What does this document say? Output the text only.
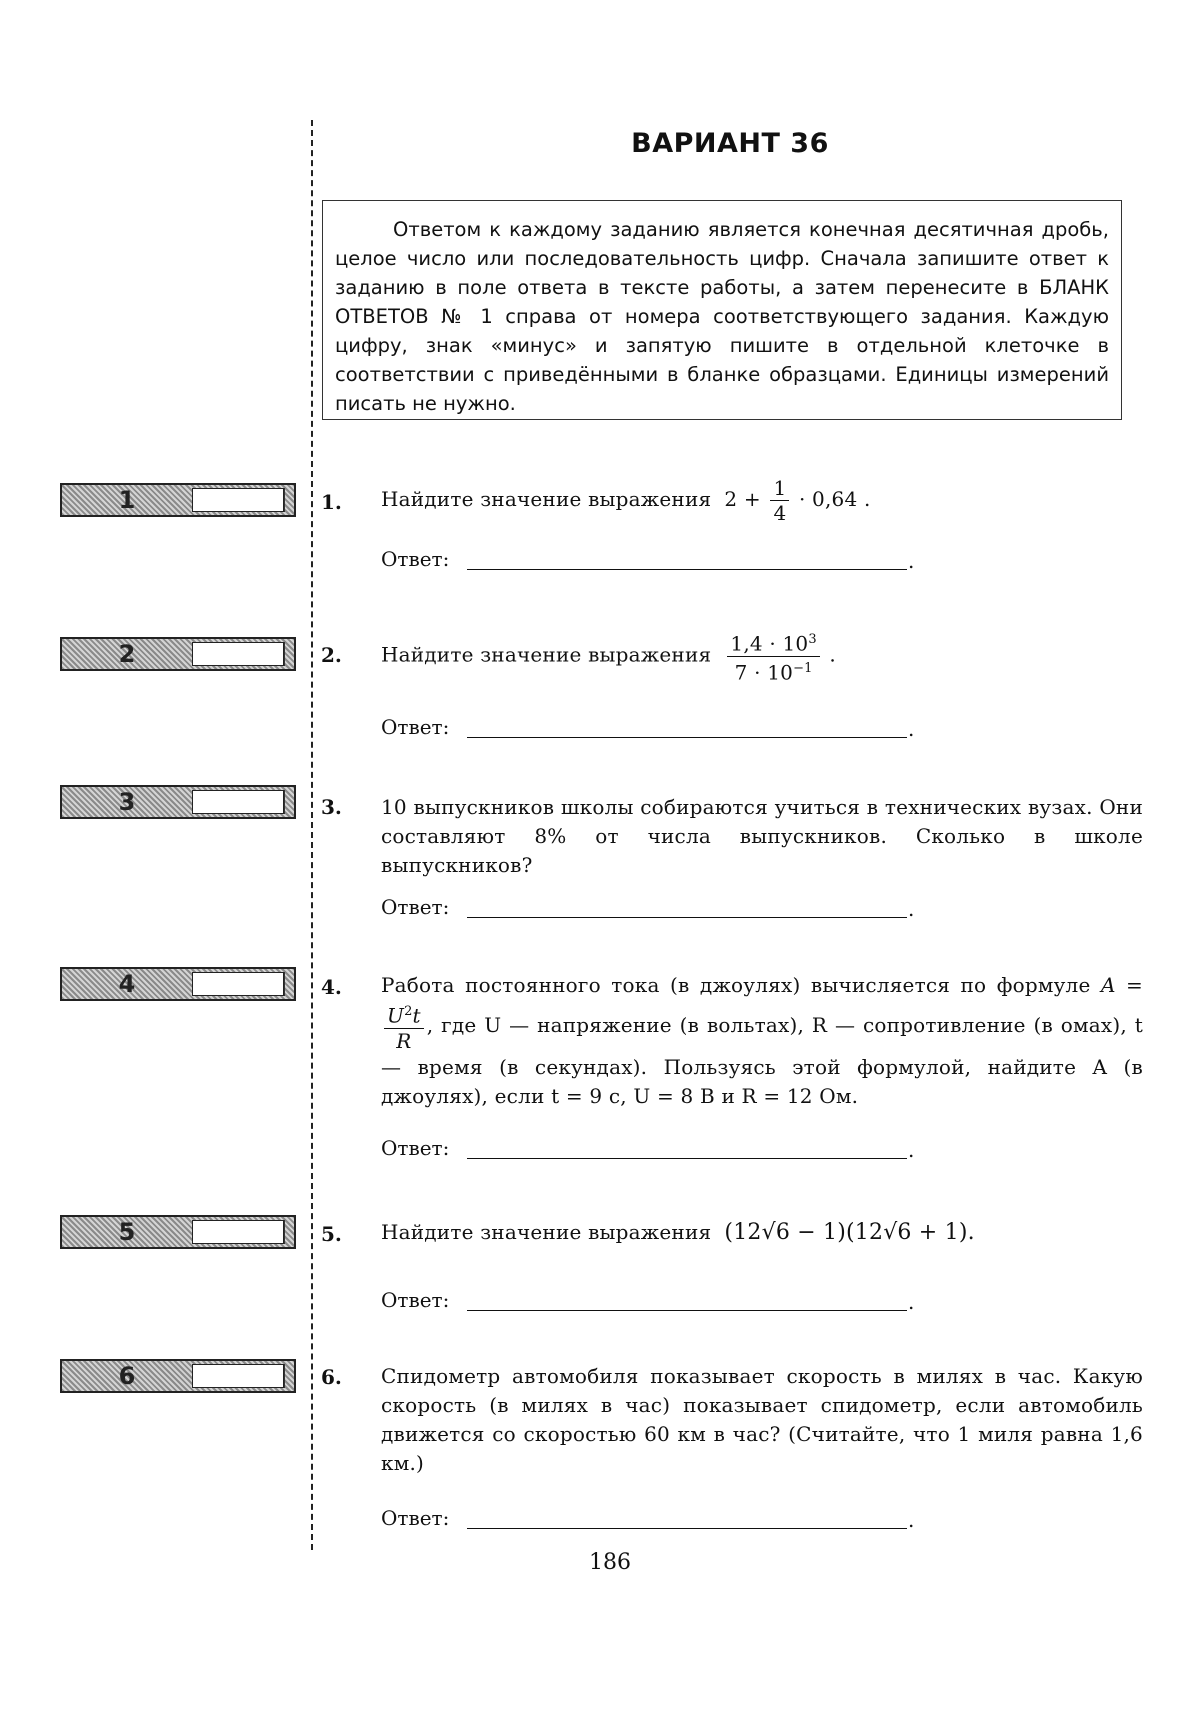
ВАРИАНТ 36

Ответом к каждому заданию является конечная десятичная дробь, целое число или последовательность цифр. Сначала запишите ответ к заданию в поле ответа в тексте работы, а затем перенесите в БЛАНК ОТВЕТОВ № 1 справа от номера соответствующего задания. Каждую цифру, знак «минус» и запятую пишите в отдельной клеточке в соответствии с приведёнными в бланке образцами. Единицы измерений писать не нужно.

1	1. Найдите значение выражения $2 + \frac{1}{4} \cdot 0,64$ .
Ответ:	.
2	2. Найдите значение выражения $\frac{1,4 \cdot 10^3}{7 \cdot 10^{-1}}$ .
Ответ:	.
3	3. 10 выпускников школы собираются учиться в технических вузах. Они составляют 8% от числа выпускников. Сколько в школе выпускников?
Ответ:	.
4	4. Работа постоянного тока (в джоулях) вычисляется по формуле A =
$\frac{U^2t}{R}$ , где U — напряжение (в вольтах), R — сопротивление (в омах), t — время (в секундах). Пользуясь этой формулой, найдите A (в джоулях), если t = 9 с, U = 8 В и R = 12 Ом.
Ответ:	.
5	5. Найдите значение выражения (12√6 − 1)(12√6 + 1).
Ответ:	.
6	6. Спидометр автомобиля показывает скорость в милях в час. Какую скорость (в милях в час) показывает спидометр, если автомобиль движется со скоростью 60 км в час? (Считайте, что 1 миля равна 1,6 км.)
Ответ:	.
186
